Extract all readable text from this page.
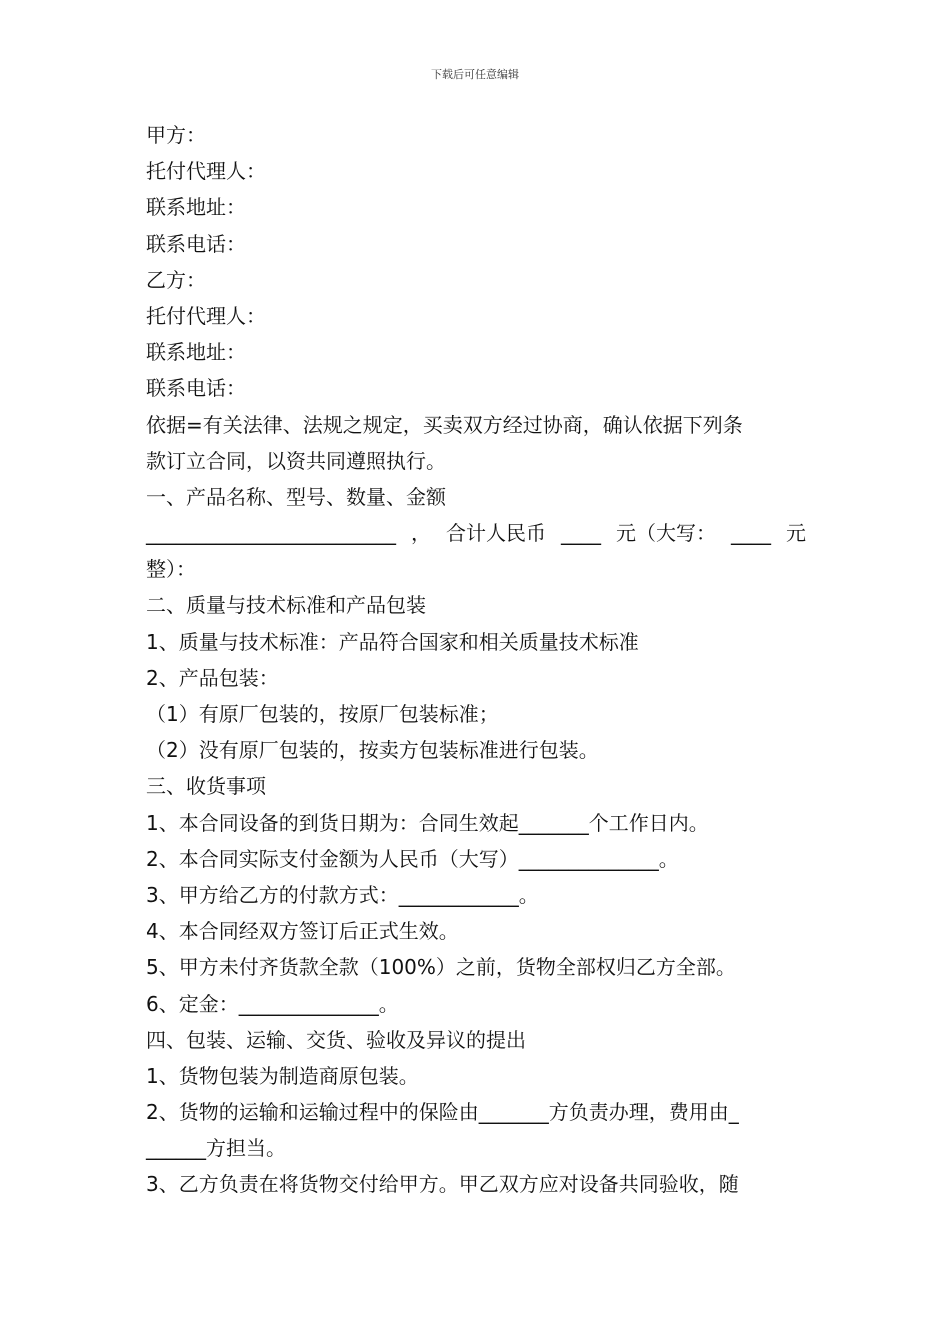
下载后可任意编辑
甲方：
托付代理人：
联系地址：
联系电话：
乙方：
托付代理人：
联系地址：
联系电话：
依据=有关法律、法规之规定，买卖双方经过协商，确认依据下列条
款订立合同，以资共同遵照执行。
一、产品名称、型号、数量、金额
_________________________ ， 合计人民币 ____ 元（大写： ____ 元
整）：
二、质量与技术标准和产品包装
1、质量与技术标准：产品符合国家和相关质量技术标准
2、产品包装：
（1）有原厂包装的，按原厂包装标准；
（2）没有原厂包装的，按卖方包装标准进行包装。
三、收货事项
1、本合同设备的到货日期为：合同生效起_______个工作日内。
2、本合同实际支付金额为人民币（大写）______________。
3、甲方给乙方的付款方式：____________。
4、本合同经双方签订后正式生效。
5、甲方未付齐货款全款（100%）之前，货物全部权归乙方全部。
6、定金：______________。
四、包装、运输、交货、验收及异议的提出
1、货物包装为制造商原包装。
2、货物的运输和运输过程中的保险由_______方负责办理，费用由_
______方担当。
3、乙方负责在将货物交付给甲方。甲乙双方应对设备共同验收，随
